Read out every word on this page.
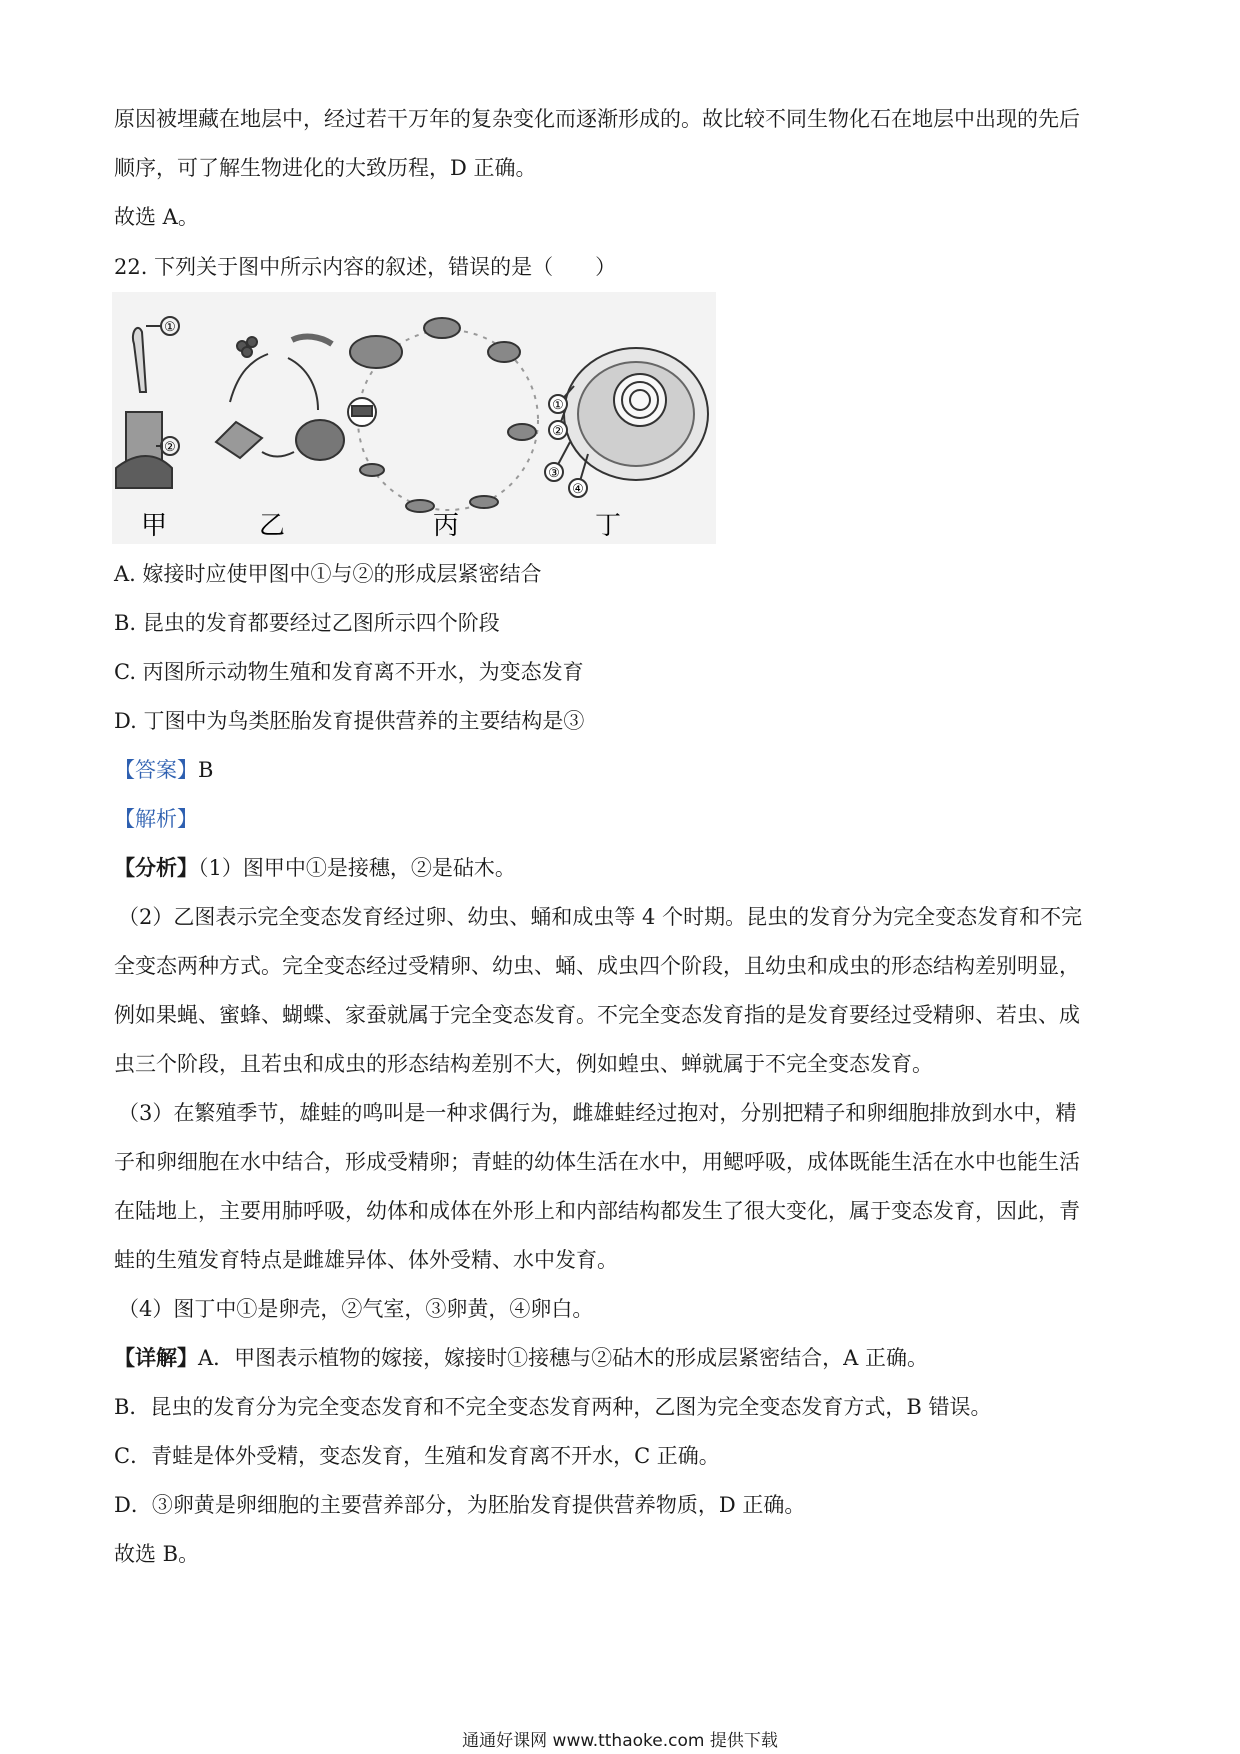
原因被埋藏在地层中，经过若干万年的复杂变化而逐渐形成的。故比较不同生物化石在地层中出现的先后
顺序，可了解生物进化的大致历程，D 正确。
故选 A。
22. 下列关于图中所示内容的叙述，错误的是（　　）
①
②
①
②
③
④
甲	乙	丙	丁
A. 嫁接时应使甲图中①与②的形成层紧密结合
B. 昆虫的发育都要经过乙图所示四个阶段
C. 丙图所示动物生殖和发育离不开水，为变态发育
D. 丁图中为鸟类胚胎发育提供营养的主要结构是③
【答案】B
【解析】
【分析】（1）图甲中①是接穗，②是砧木。
（2）乙图表示完全变态发育经过卵、幼虫、蛹和成虫等 4 个时期。昆虫的发育分为完全变态发育和不完
全变态两种方式。完全变态经过受精卵、幼虫、蛹、成虫四个阶段，且幼虫和成虫的形态结构差别明显，
例如果蝇、蜜蜂、蝴蝶、家蚕就属于完全变态发育。不完全变态发育指的是发育要经过受精卵、若虫、成
虫三个阶段，且若虫和成虫的形态结构差别不大，例如蝗虫、蝉就属于不完全变态发育。
（3）在繁殖季节，雄蛙的鸣叫是一种求偶行为，雌雄蛙经过抱对，分别把精子和卵细胞排放到水中，精
子和卵细胞在水中结合，形成受精卵；青蛙的幼体生活在水中，用鳃呼吸，成体既能生活在水中也能生活
在陆地上，主要用肺呼吸，幼体和成体在外形上和内部结构都发生了很大变化，属于变态发育，因此，青
蛙的生殖发育特点是雌雄异体、体外受精、水中发育。
（4）图丁中①是卵壳，②气室，③卵黄，④卵白。
【详解】A．甲图表示植物的嫁接，嫁接时①接穗与②砧木的形成层紧密结合，A 正确。
B．昆虫的发育分为完全变态发育和不完全变态发育两种，乙图为完全变态发育方式，B 错误。
C．青蛙是体外受精，变态发育，生殖和发育离不开水，C 正确。
D．③卵黄是卵细胞的主要营养部分，为胚胎发育提供营养物质，D 正确。
故选 B。
通通好课网 www.tthaoke.com 提供下载
